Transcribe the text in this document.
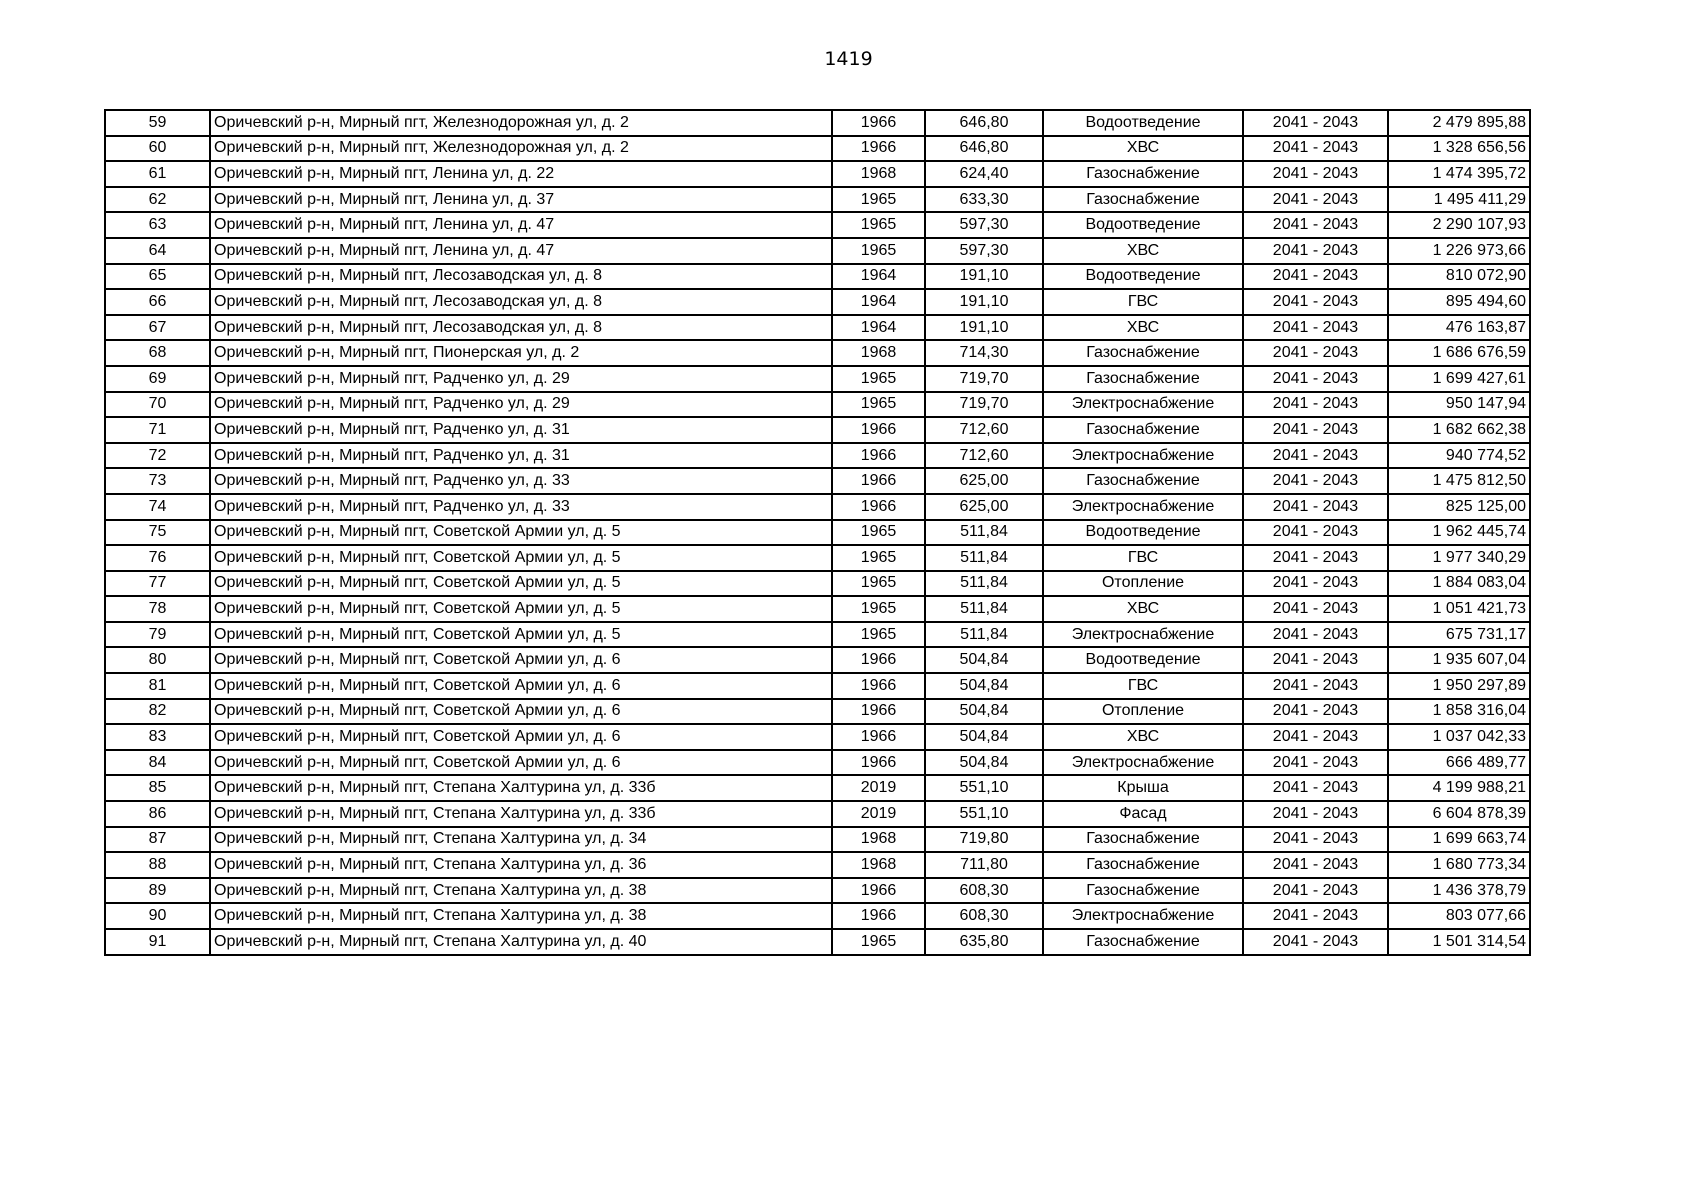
1419
59	Оричевский р-н, Мирный пгт, Железнодорожная ул, д. 2	1966	646,80	Водоотведение	2041 - 2043	2 479 895,88
60	Оричевский р-н, Мирный пгт, Железнодорожная ул, д. 2	1966	646,80	ХВС	2041 - 2043	1 328 656,56
61	Оричевский р-н, Мирный пгт, Ленина ул, д. 22	1968	624,40	Газоснабжение	2041 - 2043	1 474 395,72
62	Оричевский р-н, Мирный пгт, Ленина ул, д. 37	1965	633,30	Газоснабжение	2041 - 2043	1 495 411,29
63	Оричевский р-н, Мирный пгт, Ленина ул, д. 47	1965	597,30	Водоотведение	2041 - 2043	2 290 107,93
64	Оричевский р-н, Мирный пгт, Ленина ул, д. 47	1965	597,30	ХВС	2041 - 2043	1 226 973,66
65	Оричевский р-н, Мирный пгт, Лесозаводская ул, д. 8	1964	191,10	Водоотведение	2041 - 2043	810 072,90
66	Оричевский р-н, Мирный пгт, Лесозаводская ул, д. 8	1964	191,10	ГВС	2041 - 2043	895 494,60
67	Оричевский р-н, Мирный пгт, Лесозаводская ул, д. 8	1964	191,10	ХВС	2041 - 2043	476 163,87
68	Оричевский р-н, Мирный пгт, Пионерская ул, д. 2	1968	714,30	Газоснабжение	2041 - 2043	1 686 676,59
69	Оричевский р-н, Мирный пгт, Радченко ул, д. 29	1965	719,70	Газоснабжение	2041 - 2043	1 699 427,61
70	Оричевский р-н, Мирный пгт, Радченко ул, д. 29	1965	719,70	Электроснабжение	2041 - 2043	950 147,94
71	Оричевский р-н, Мирный пгт, Радченко ул, д. 31	1966	712,60	Газоснабжение	2041 - 2043	1 682 662,38
72	Оричевский р-н, Мирный пгт, Радченко ул, д. 31	1966	712,60	Электроснабжение	2041 - 2043	940 774,52
73	Оричевский р-н, Мирный пгт, Радченко ул, д. 33	1966	625,00	Газоснабжение	2041 - 2043	1 475 812,50
74	Оричевский р-н, Мирный пгт, Радченко ул, д. 33	1966	625,00	Электроснабжение	2041 - 2043	825 125,00
75	Оричевский р-н, Мирный пгт, Советской Армии ул, д. 5	1965	511,84	Водоотведение	2041 - 2043	1 962 445,74
76	Оричевский р-н, Мирный пгт, Советской Армии ул, д. 5	1965	511,84	ГВС	2041 - 2043	1 977 340,29
77	Оричевский р-н, Мирный пгт, Советской Армии ул, д. 5	1965	511,84	Отопление	2041 - 2043	1 884 083,04
78	Оричевский р-н, Мирный пгт, Советской Армии ул, д. 5	1965	511,84	ХВС	2041 - 2043	1 051 421,73
79	Оричевский р-н, Мирный пгт, Советской Армии ул, д. 5	1965	511,84	Электроснабжение	2041 - 2043	675 731,17
80	Оричевский р-н, Мирный пгт, Советской Армии ул, д. 6	1966	504,84	Водоотведение	2041 - 2043	1 935 607,04
81	Оричевский р-н, Мирный пгт, Советской Армии ул, д. 6	1966	504,84	ГВС	2041 - 2043	1 950 297,89
82	Оричевский р-н, Мирный пгт, Советской Армии ул, д. 6	1966	504,84	Отопление	2041 - 2043	1 858 316,04
83	Оричевский р-н, Мирный пгт, Советской Армии ул, д. 6	1966	504,84	ХВС	2041 - 2043	1 037 042,33
84	Оричевский р-н, Мирный пгт, Советской Армии ул, д. 6	1966	504,84	Электроснабжение	2041 - 2043	666 489,77
85	Оричевский р-н, Мирный пгт, Степана Халтурина ул, д. 33б	2019	551,10	Крыша	2041 - 2043	4 199 988,21
86	Оричевский р-н, Мирный пгт, Степана Халтурина ул, д. 33б	2019	551,10	Фасад	2041 - 2043	6 604 878,39
87	Оричевский р-н, Мирный пгт, Степана Халтурина ул, д. 34	1968	719,80	Газоснабжение	2041 - 2043	1 699 663,74
88	Оричевский р-н, Мирный пгт, Степана Халтурина ул, д. 36	1968	711,80	Газоснабжение	2041 - 2043	1 680 773,34
89	Оричевский р-н, Мирный пгт, Степана Халтурина ул, д. 38	1966	608,30	Газоснабжение	2041 - 2043	1 436 378,79
90	Оричевский р-н, Мирный пгт, Степана Халтурина ул, д. 38	1966	608,30	Электроснабжение	2041 - 2043	803 077,66
91	Оричевский р-н, Мирный пгт, Степана Халтурина ул, д. 40	1965	635,80	Газоснабжение	2041 - 2043	1 501 314,54
